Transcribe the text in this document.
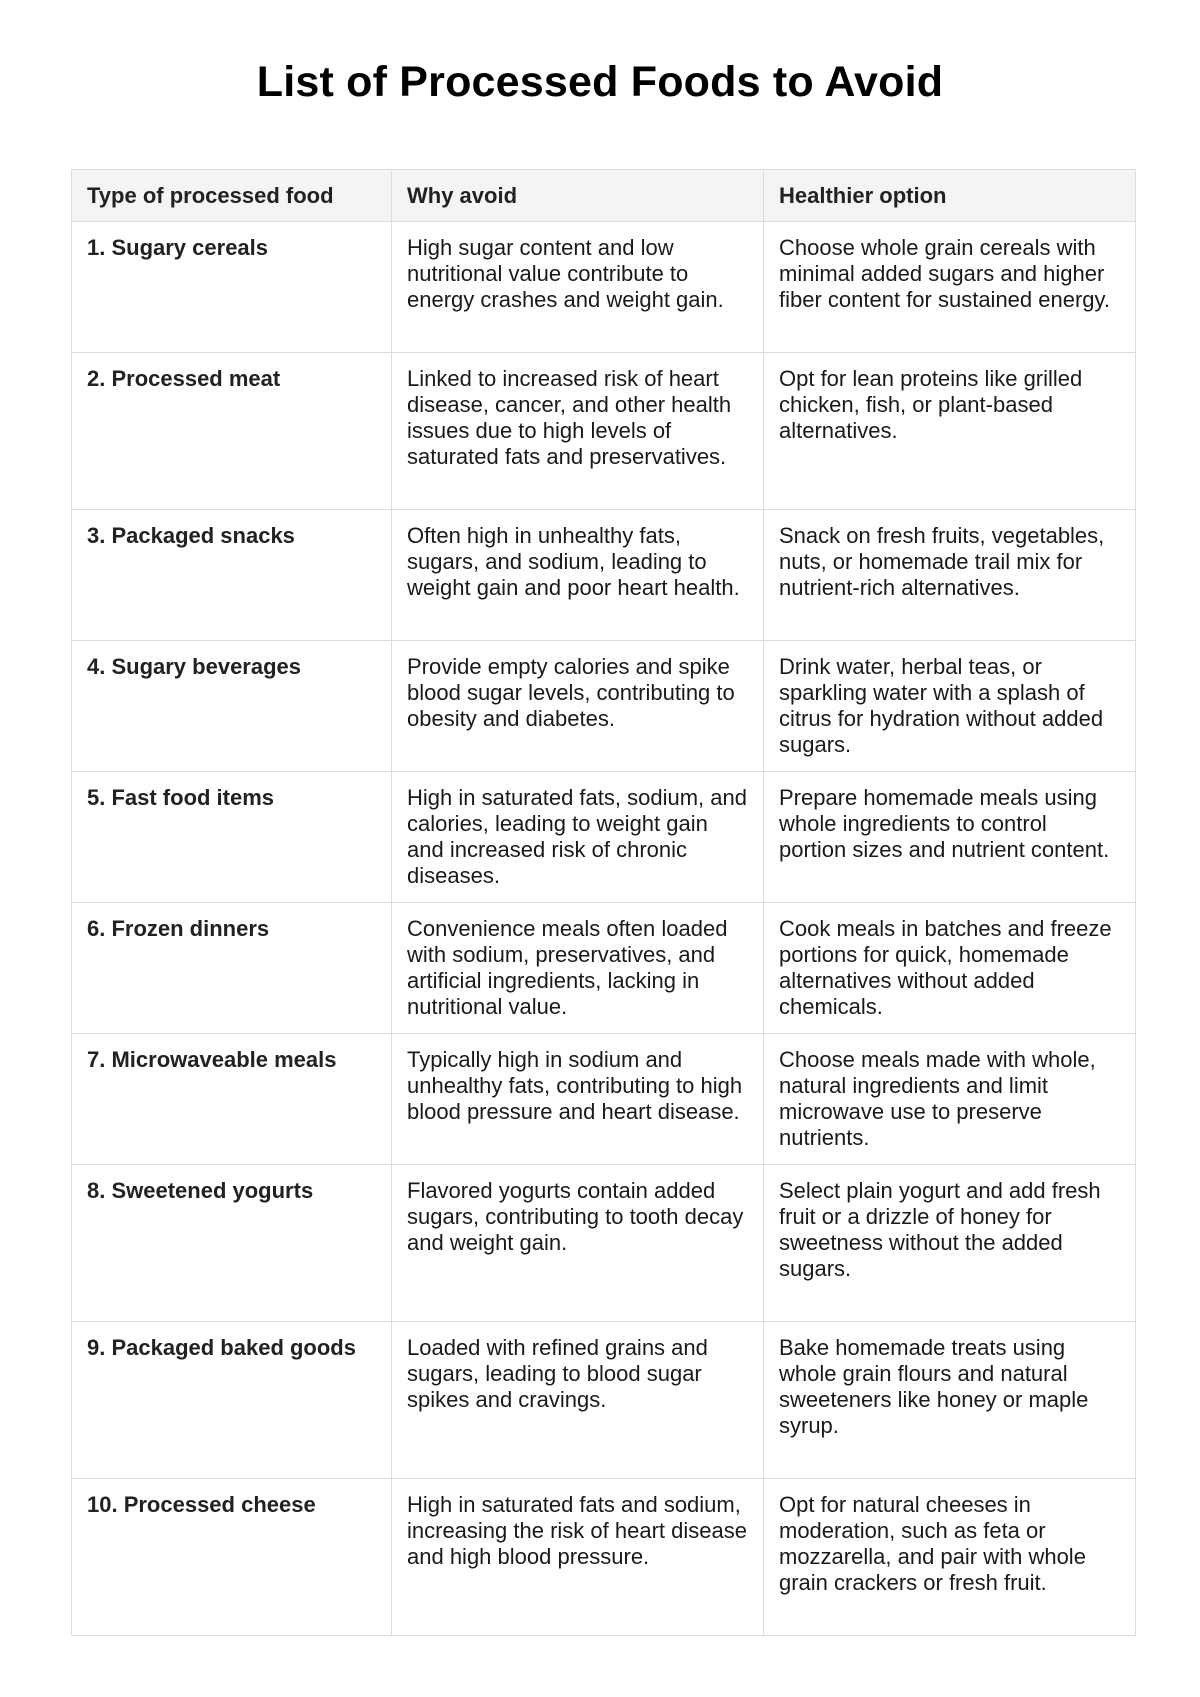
List of Processed Foods to Avoid
Type of processed food	Why avoid	Healthier option
1. Sugary cereals	High sugar content and low nutritional value contribute to energy crashes and weight gain.	Choose whole grain cereals with minimal added sugars and higher fiber content for sustained energy.
2. Processed meat	Linked to increased risk of heart disease, cancer, and other health issues due to high levels of saturated fats and preservatives.	Opt for lean proteins like grilled chicken, fish, or plant-based alternatives.
3. Packaged snacks	Often high in unhealthy fats, sugars, and sodium, leading to weight gain and poor heart health.	Snack on fresh fruits, vegetables, nuts, or homemade trail mix for nutrient-rich alternatives.
4. Sugary beverages	Provide empty calories and spike blood sugar levels, contributing to obesity and diabetes.	Drink water, herbal teas, or sparkling water with a splash of citrus for hydration without added sugars.
5. Fast food items	High in saturated fats, sodium, and calories, leading to weight gain and increased risk of chronic diseases.	Prepare homemade meals using whole ingredients to control portion sizes and nutrient content.
6. Frozen dinners	Convenience meals often loaded with sodium, preservatives, and artificial ingredients, lacking in nutritional value.	Cook meals in batches and freeze portions for quick, homemade alternatives without added chemicals.
7. Microwaveable meals	Typically high in sodium and unhealthy fats, contributing to high blood pressure and heart disease.	Choose meals made with whole, natural ingredients and limit microwave use to preserve nutrients.
8. Sweetened yogurts	Flavored yogurts contain added sugars, contributing to tooth decay and weight gain.	Select plain yogurt and add fresh fruit or a drizzle of honey for sweetness without the added sugars.
9. Packaged baked goods	Loaded with refined grains and sugars, leading to blood sugar spikes and cravings.	Bake homemade treats using whole grain flours and natural sweeteners like honey or maple syrup.
10. Processed cheese	High in saturated fats and sodium, increasing the risk of heart disease and high blood pressure.	Opt for natural cheeses in moderation, such as feta or mozzarella, and pair with whole grain crackers or fresh fruit.
